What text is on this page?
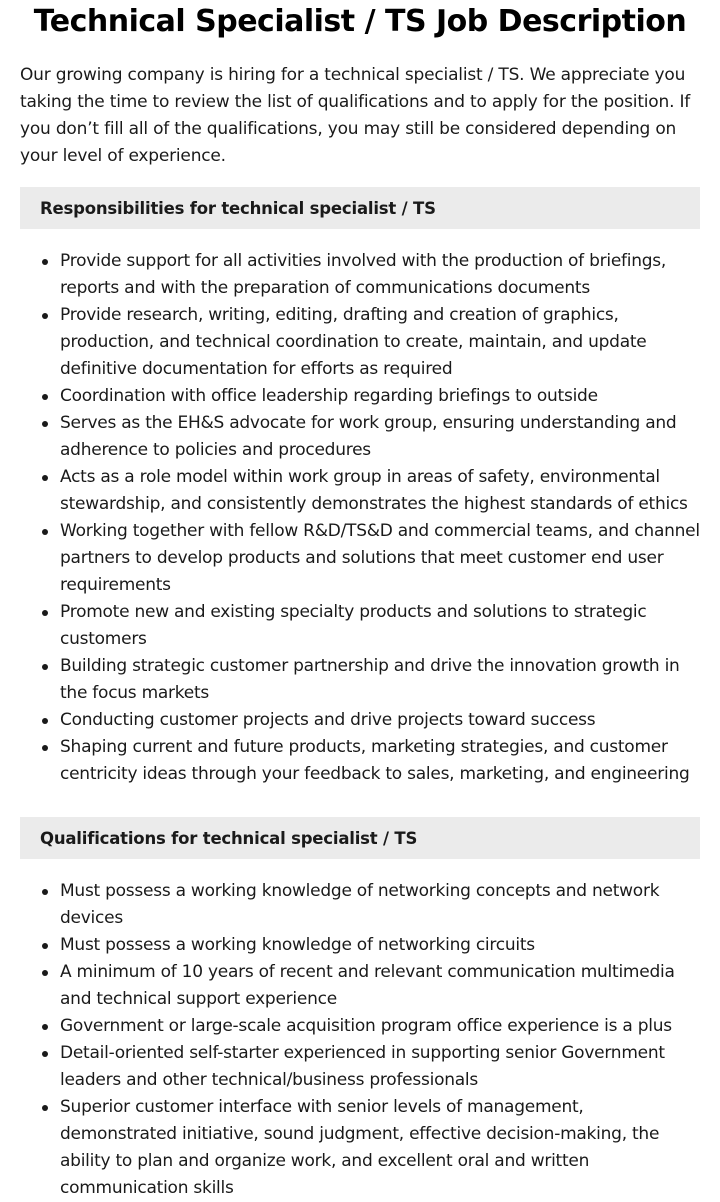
Technical Specialist / TS Job Description

Our growing company is hiring for a technical specialist / TS. We appreciate you taking the time to review the list of qualifications and to apply for the position. If you don’t fill all of the qualifications, you may still be considered depending on your level of experience.

Responsibilities for technical specialist / TS
Provide support for all activities involved with the production of briefings, reports and with the preparation of communications documents
Provide research, writing, editing, drafting and creation of graphics, production, and technical coordination to create, maintain, and update definitive documentation for efforts as required
Coordination with office leadership regarding briefings to outside
Serves as the EH&S advocate for work group, ensuring understanding and adherence to policies and procedures
Acts as a role model within work group in areas of safety, environmental stewardship, and consistently demonstrates the highest standards of ethics
Working together with fellow R&D/TS&D and commercial teams, and channel partners to develop products and solutions that meet customer end user requirements
Promote new and existing specialty products and solutions to strategic customers
Building strategic customer partnership and drive the innovation growth in the focus markets
Conducting customer projects and drive projects toward success
Shaping current and future products, marketing strategies, and customer centricity ideas through your feedback to sales, marketing, and engineering
Qualifications for technical specialist / TS
Must possess a working knowledge of networking concepts and network devices
Must possess a working knowledge of networking circuits
A minimum of 10 years of recent and relevant communication multimedia and technical support experience
Government or large-scale acquisition program office experience is a plus
Detail-oriented self-starter experienced in supporting senior Government leaders and other technical/business professionals
Superior customer interface with senior levels of management, demonstrated initiative, sound judgment, effective decision-making, the ability to plan and organize work, and excellent oral and written communication skills
